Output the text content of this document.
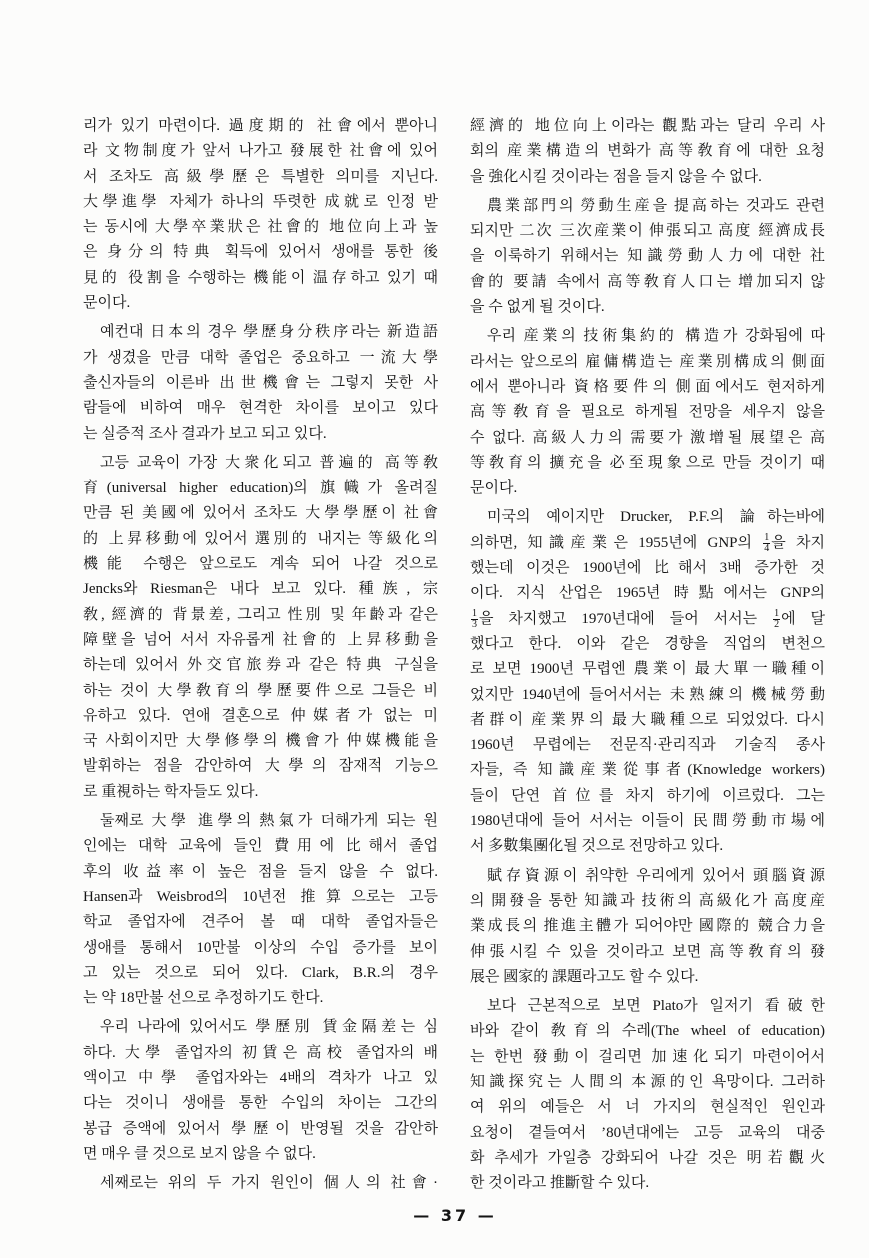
리가 있기 마련이다. 過度期的 社會에서 뿐아니
라 文物制度가 앞서 나가고 發展한 社會에 있어
서 조차도 高級學歷은 특별한 의미를 지닌다.
大學進學 자체가 하나의 뚜렷한 成就로 인정 받
는 동시에 大學卒業狀은 社會的 地位向上과 높
은 身分의 特典 획득에 있어서 생애를 통한 後
見的 役割을 수행하는 機能이 温存하고 있기 때
문이다.
예컨대 日本의 경우 學歷身分秩序라는 新造語
가 생겼을 만큼 대학 졸업은 중요하고 一流大學
출신자들의 이른바 出世機會는 그렇지 못한 사
람들에 비하여 매우 현격한 차이를 보이고 있다
는 실증적 조사 결과가 보고 되고 있다.
고등 교육이 가장 大衆化되고 普遍的 高等敎
育(universal higher education)의 旗幟가 올려질
만큼 된 美國에 있어서 조차도 大學學歷이 社會
的 上昇移動에 있어서 選別的 내지는 等級化의
機能 수행은 앞으로도 계속 되어 나갈 것으로
Jencks와 Riesman은 내다 보고 있다. 種族, 宗
敎, 經濟的 背景差, 그리고 性別 및 年齡과 같은
障壁을 넘어 서서 자유롭게 社會的 上昇移動을
하는데 있어서 外交官旅券과 같은 特典 구실을
하는 것이 大學敎育의 學歷要件으로 그들은 비
유하고 있다. 연애 결혼으로 仲媒者가 없는 미
국 사회이지만 大學修學의 機會가 仲媒機能을
발휘하는 점을 감안하여 大學의 잠재적 기능으
로 重視하는 학자들도 있다.
둘째로 大學 進學의 熱氣가 더해가게 되는 원
인에는 대학 교육에 들인 費用에 比해서 졸업
후의 收益率이 높은 점을 들지 않을 수 없다.
Hansen과 Weisbrod의 10년전 推算으로는 고등
학교 졸업자에 견주어 볼 때 대학 졸업자들은
생애를 통해서 10만불 이상의 수입 증가를 보이
고 있는 것으로 되어 있다. Clark, B.R.의 경우
는 약 18만불 선으로 추정하기도 한다.
우리 나라에 있어서도 學歷別 賃金隔差는 심
하다. 大學 졸업자의 初賃은 高校 졸업자의 배
액이고 中學 졸업자와는 4배의 격차가 나고 있
다는 것이니 생애를 통한 수입의 차이는 그간의
봉급 증액에 있어서 學歷이 반영될 것을 감안하
면 매우 클 것으로 보지 않을 수 없다.
세째로는 위의 두 가지 원인이 個人의 社會·
經濟的 地位向上이라는 觀點과는 달리 우리 사
회의 産業構造의 변화가 高等敎育에 대한 요청
을 強化시킬 것이라는 점을 들지 않을 수 없다.
農業部門의 勞動生産을 提高하는 것과도 관련
되지만 二次 三次産業이 伸張되고 高度 經濟成長
을 이룩하기 위해서는 知識勞動人力에 대한 社
會的 要請 속에서 高等敎育人口는 增加되지 않
을 수 없게 될 것이다.
우리 産業의 技術集約的 構造가 강화됨에 따
라서는 앞으로의 雇傭構造는 産業別構成의 側面
에서 뿐아니라 資格要件의 側面에서도 현저하게
高等敎育을 필요로 하게될 전망을 세우지 않을
수 없다. 高級人力의 需要가 激增될 展望은 高
等敎育의 擴充을 必至現象으로 만들 것이기 때
문이다.
미국의 예이지만 Drucker, P.F.의 論하는바에
의하면, 知識産業은 1955년에 GNP의 $\frac{1}{4}$ 을 차지
했는데 이것은 1900년에 比해서 3배 증가한 것
이다. 지식 산업은 1965년 時點에서는 GNP의
$\frac{1}{3}$ 을 차지했고 1970년대에 들어 서서는 $\frac{1}{2}$ 에 달
했다고 한다. 이와 같은 경향을 직업의 변천으
로 보면 1900년 무렵엔 農業이 最大單一職種이
었지만 1940년에 들어서서는 未熟練의 機械勞動
者群이 産業界의 最大職種으로 되었었다. 다시
1960년 무렵에는 전문직·관리직과 기술직 종사
자들, 즉 知識産業從事者(Knowledge workers)
들이 단연 首位를 차지 하기에 이르렀다. 그는
1980년대에 들어 서서는 이들이 民間勞動市場에
서 多數集團化될 것으로 전망하고 있다.
賦存資源이 취약한 우리에게 있어서 頭腦資源
의 開發을 통한 知識과 技術의 高級化가 高度産
業成長의 推進主體가 되어야만 國際的 競合力을
伸張시킬 수 있을 것이라고 보면 高等敎育의 發
展은 國家的 課題라고도 할 수 있다.
보다 근본적으로 보면 Plato가 일저기 看破한
바와 같이 敎育의 수레(The wheel of education)
는 한번 發動이 걸리면 加速化되기 마련이어서
知識探究는 人間의 本源的인 욕망이다. 그러하
여 위의 예들은 서 너 가지의 현실적인 원인과
요청이 곁들여서 ’80년대에는 고등 교육의 대중
화 추세가 가일층 강화되어 나갈 것은 明若觀火
한 것이라고 推斷할 수 있다.
— 37 —
